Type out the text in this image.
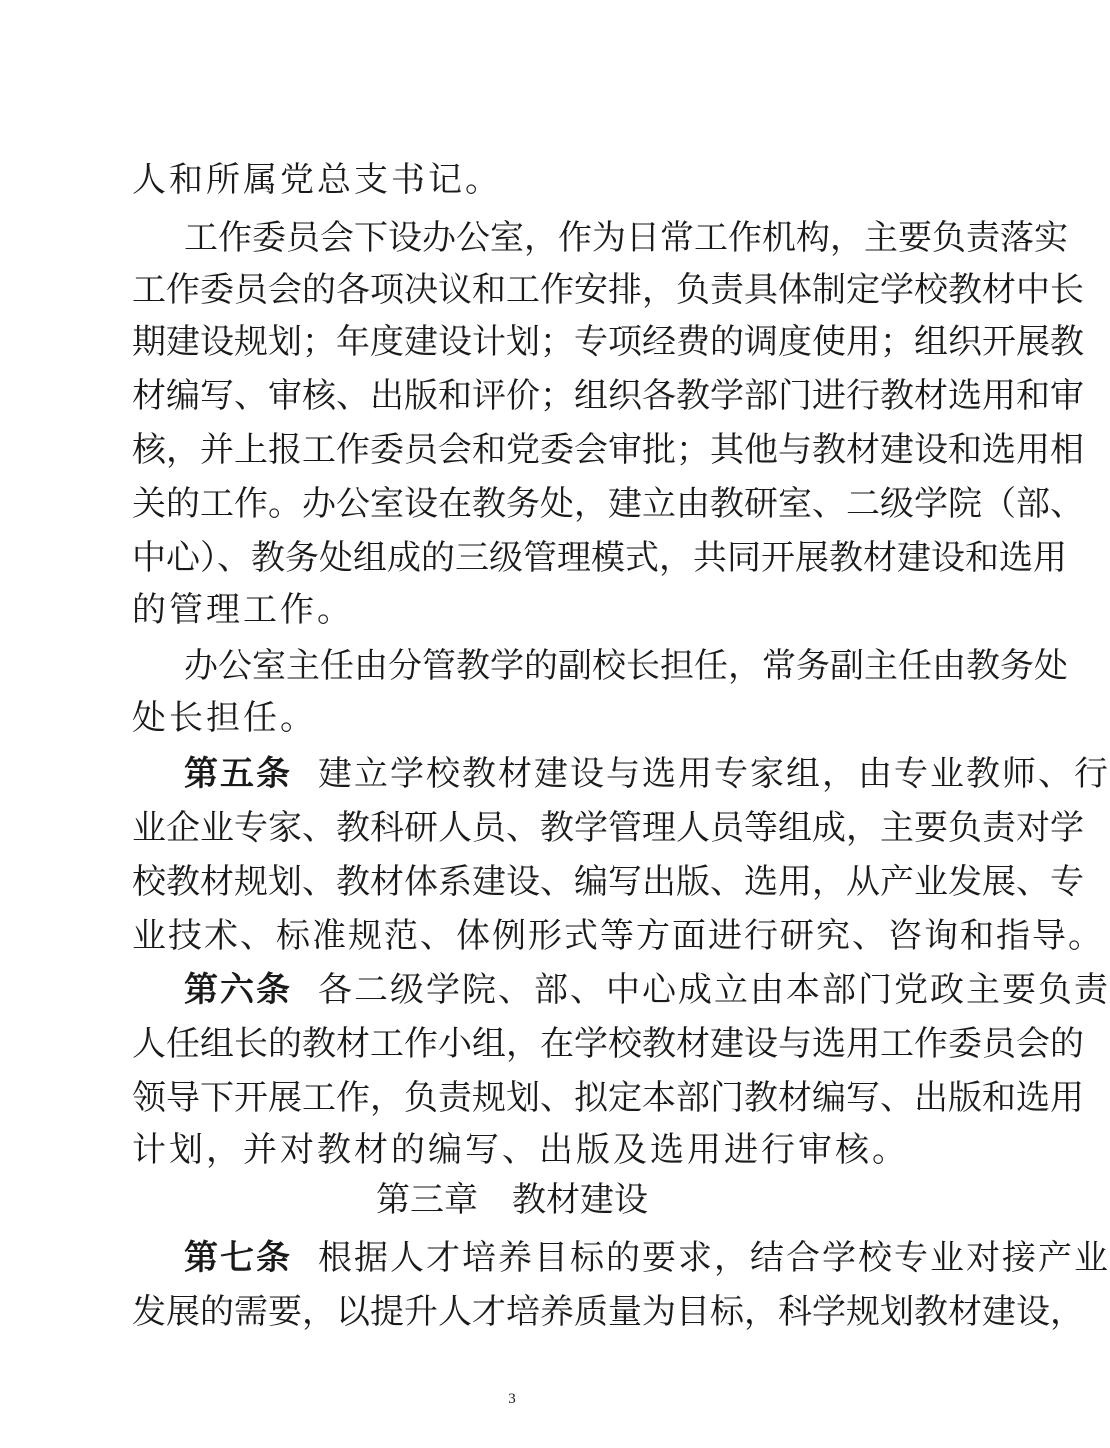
人和所属党总支书记。
工作委员会下设办公室，作为日常工作机构，主要负责落实
工作委员会的各项决议和工作安排，负责具体制定学校教材中长
期建设规划；年度建设计划；专项经费的调度使用；组织开展教
材编写、审核、出版和评价；组织各教学部门进行教材选用和审
核，并上报工作委员会和党委会审批；其他与教材建设和选用相
关的工作。办公室设在教务处，建立由教研室、二级学院（部、
中心）、教务处组成的三级管理模式，共同开展教材建设和选用
的管理工作。
办公室主任由分管教学的副校长担任，常务副主任由教务处
处长担任。
第五条 建立学校教材建设与选用专家组，由专业教师、行
业企业专家、教科研人员、教学管理人员等组成，主要负责对学
校教材规划、教材体系建设、编写出版、选用，从产业发展、专
业技术、标准规范、体例形式等方面进行研究、咨询和指导。
第六条 各二级学院、部、中心成立由本部门党政主要负责
人任组长的教材工作小组，在学校教材建设与选用工作委员会的
领导下开展工作，负责规划、拟定本部门教材编写、出版和选用
计划，并对教材的编写、出版及选用进行审核。
第三章　教材建设
第七条 根据人才培养目标的要求，结合学校专业对接产业
发展的需要，以提升人才培养质量为目标，科学规划教材建设，
3
